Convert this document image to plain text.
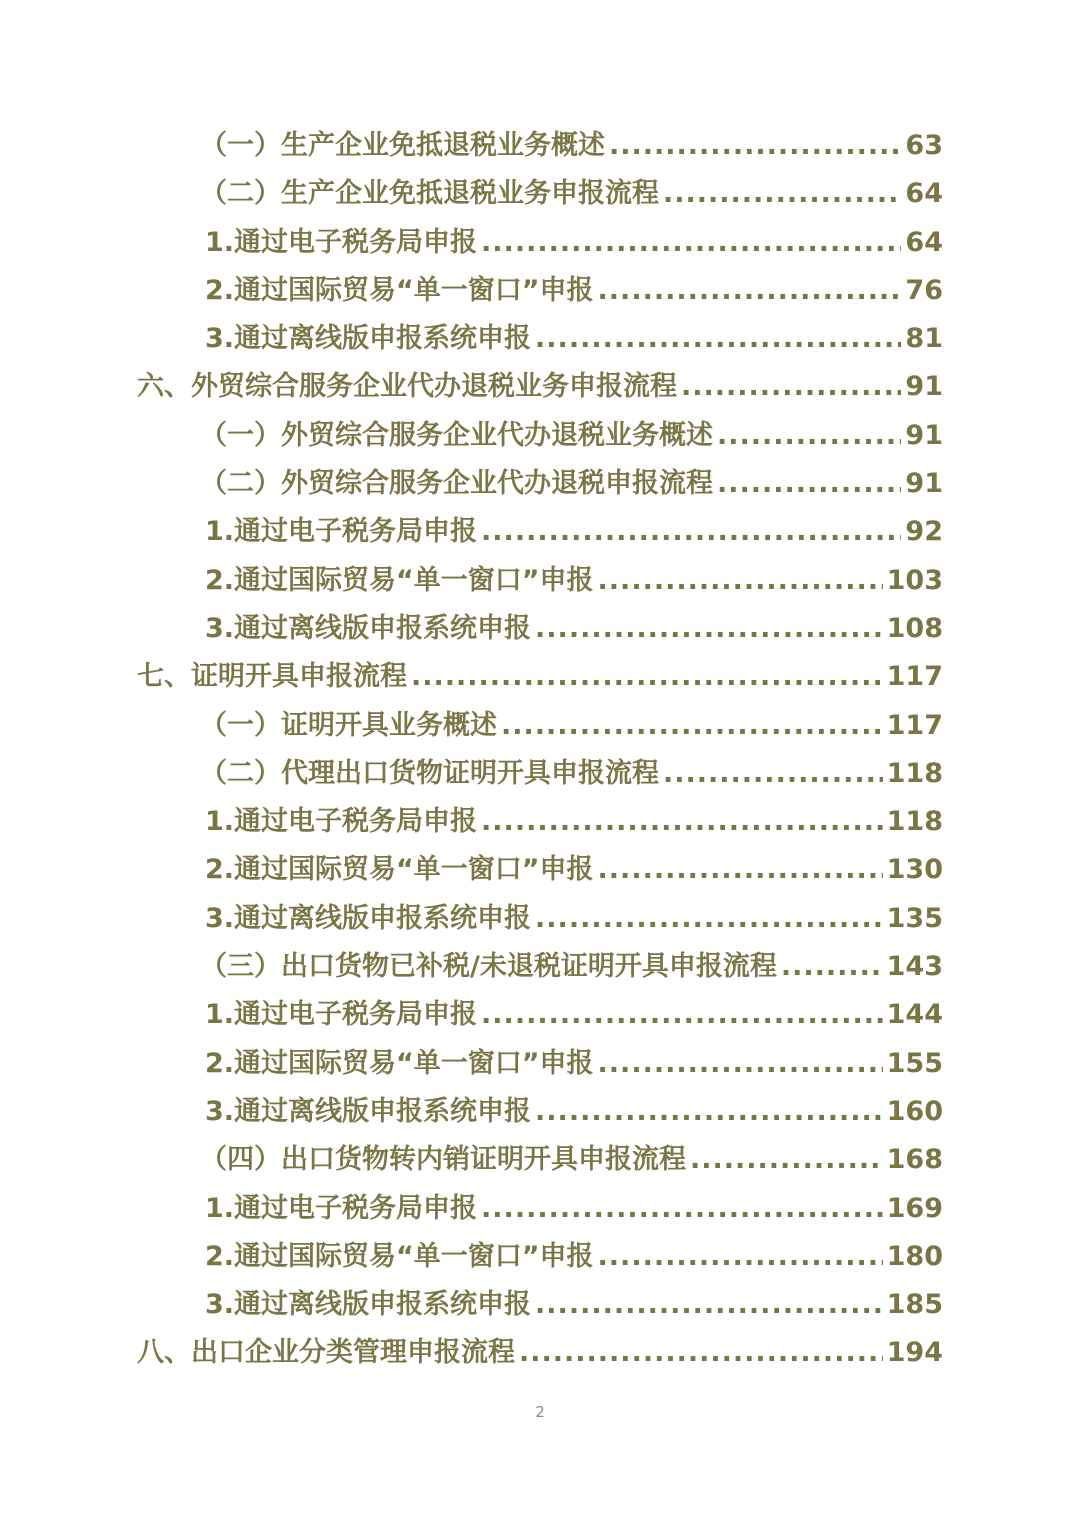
（一）生产企业免抵退税业务概述 .....	63
（二）生产企业免抵退税业务申报流程 .....	64
1.通过电子税务局申报 .....	64
2.通过国际贸易“单一窗口”申报 .....	76
3.通过离线版申报系统申报 .....	81
六、外贸综合服务企业代办退税业务申报流程 .....	91
（一）外贸综合服务企业代办退税业务概述 .....	91
（二）外贸综合服务企业代办退税申报流程 .....	91
1.通过电子税务局申报 .....	92
2.通过国际贸易“单一窗口”申报 .....	103
3.通过离线版申报系统申报 .....	108
七、证明开具申报流程 .....	117
（一）证明开具业务概述 .....	117
（二）代理出口货物证明开具申报流程 .....	118
1.通过电子税务局申报 .....	118
2.通过国际贸易“单一窗口”申报 .....	130
3.通过离线版申报系统申报 .....	135
（三）出口货物已补税/未退税证明开具申报流程 .....	143
1.通过电子税务局申报 .....	144
2.通过国际贸易“单一窗口”申报 .....	155
3.通过离线版申报系统申报 .....	160
（四）出口货物转内销证明开具申报流程 .....	168
1.通过电子税务局申报 .....	169
2.通过国际贸易“单一窗口”申报 .....	180
3.通过离线版申报系统申报 .....	185
八、出口企业分类管理申报流程 .....	194
2
